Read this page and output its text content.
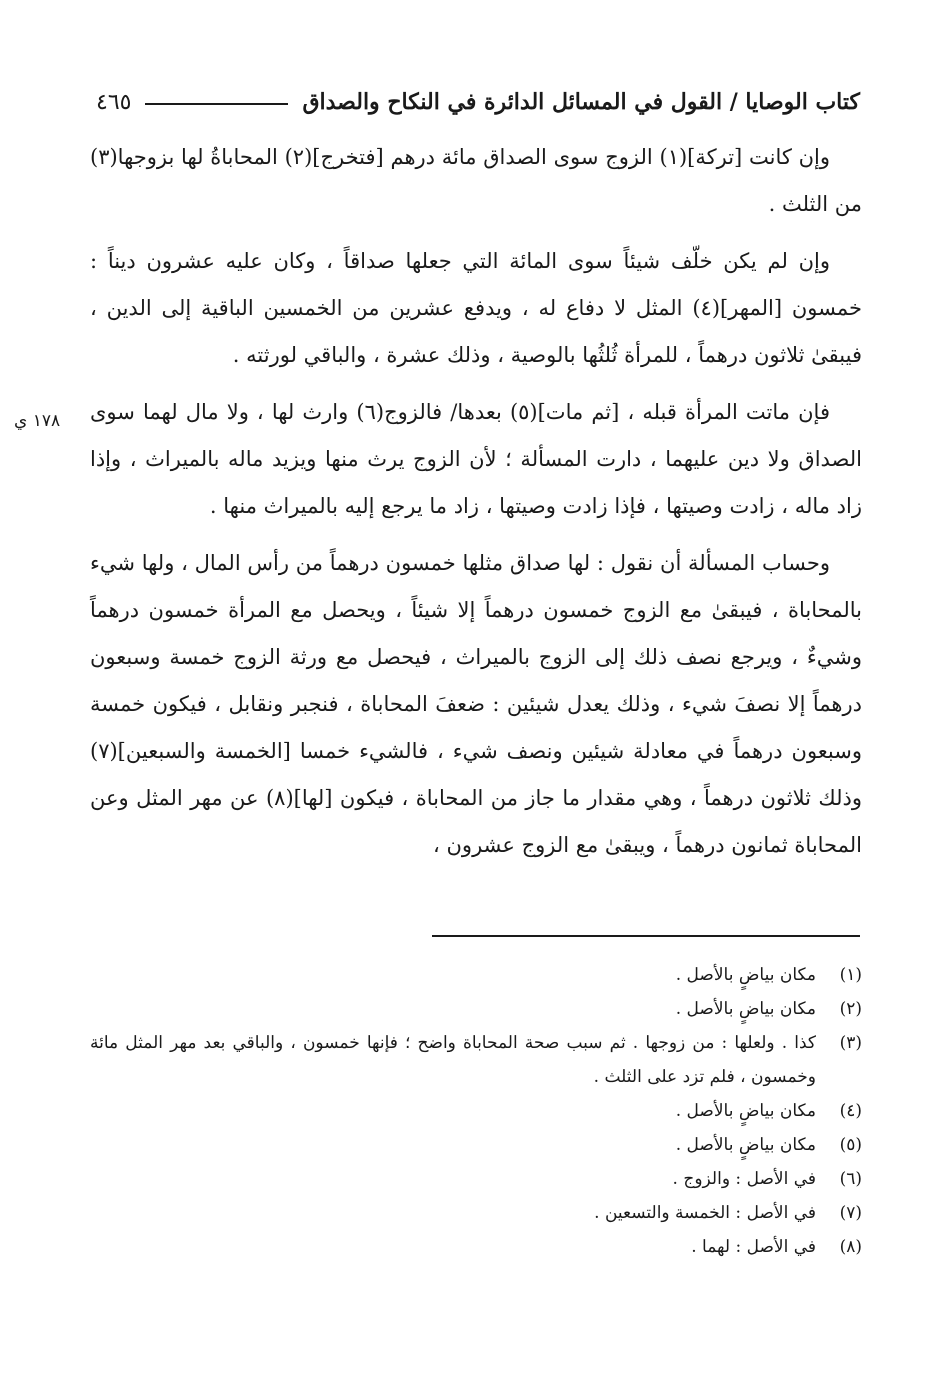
كتاب الوصايا / القول في المسائل الدائرة في النكاح والصداق
٤٦٥
١٧٨ ي

وإن كانت [تركة](١) الزوج سوى الصداق مائة درهم [فتخرج](٢) المحاباةُ لها بزوجها(٣) من الثلث .

وإن لم يكن خلّف شيئاً سوى المائة التي جعلها صداقاً ، وكان عليه عشرون ديناً : خمسون [المهر](٤) المثل لا دفاع له ، ويدفع عشرين من الخمسين الباقية إلى الدين ، فيبقىٰ ثلاثون درهماً ، للمرأة ثُلثُها بالوصية ، وذلك عشرة ، والباقي لورثته .

فإن ماتت المرأة قبله ، [ثم مات](٥) بعدها/ فالزوج(٦) وارث لها ، ولا مال لهما سوى الصداق ولا دين عليهما ، دارت المسألة ؛ لأن الزوج يرث منها ويزيد ماله بالميراث ، وإذا زاد ماله ، زادت وصيتها ، فإذا زادت وصيتها ، زاد ما يرجع إليه بالميراث منها .

وحساب المسألة أن نقول : لها صداق مثلها خمسون درهماً من رأس المال ، ولها شيء بالمحاباة ، فيبقىٰ مع الزوج خمسون درهماً إلا شيئاً ، ويحصل مع المرأة خمسون درهماً وشيءٌ ، ويرجع نصف ذلك إلى الزوج بالميراث ، فيحصل مع ورثة الزوج خمسة وسبعون درهماً إلا نصفَ شيء ، وذلك يعدل شيئين : ضعفَ المحاباة ، فنجبر ونقابل ، فيكون خمسة وسبعون درهماً في معادلة شيئين ونصف شيء ، فالشيء خمسا [الخمسة والسبعين](٧) وذلك ثلاثون درهماً ، وهي مقدار ما جاز من المحاباة ، فيكون [لها](٨) عن مهر المثل وعن المحاباة ثمانون درهماً ، ويبقىٰ مع الزوج عشرون ،

(١)
مكان بياضٍ بالأصل .
(٢)
مكان بياضٍ بالأصل .
(٣)
كذا . ولعلها : من زوجها . ثم سبب صحة المحاباة واضح ؛ فإنها خمسون ، والباقي بعد مهر المثل مائة وخمسون ، فلم تزد على الثلث .
(٤)
مكان بياضٍ بالأصل .
(٥)
مكان بياضٍ بالأصل .
(٦)
في الأصل : والزوج .
(٧)
في الأصل : الخمسة والتسعين .
(٨)
في الأصل : لهما .
